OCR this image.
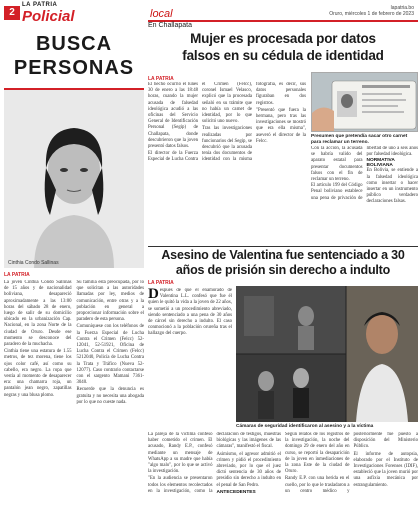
2
LA PATRIA
Policial	local	lapatria.bo
Oruro, miércoles 1 de febrero de 2023
BUSCA
PERSONAS
Cinthia Condo Sallinas
LA PATRIA

La joven Cinthia Condo Sallinas de 15 años y de nacionalidad boliviana, desapareció aproximadamente a las 13:00 horas del sábado 28 de enero, luego de salir de su domicilio ubicado en la urbanización Cap. Nacional, en la zona Norte de la ciudad de Oruro. Desde ese momento se desconoce del paradero de la muchacha.

Cinthia tiene una estatura de 1.55 metros, de tez morena, tiene los ojos color café, así como su cabello, era negro. La ropa que vestía al momento de desaparecer era: una chamarra roja, un pantalón jean negro, zapatillas negras y una blusa plomo.

Su familia está preocupada, por lo que solicitan a las autoridades llamadas por ley, medios de comunicación, entre otras y a la población en general a proporcionar información sobre el paradero de esta persona.

Comuníquese con los teléfonos de la Fuerza Especial de Lucha Contra el Crimen (Felcc) 52-12041, 52-51921, Oficina de Lucha Contra el Crimen (Felcc) 5212040, Policía de Lucha Contra la Trata y Tráfico (Nueva 52-12077). Caso contrario contactarse con el sargento Mamani 7361-3040.

Recuerde que la denuncia es gratuita y no necesita una abogada por lo que no cueste nada.

En Challapata
Mujer es procesada por datos
falsos en su cédula de identidad
LA PATRIA

El hecho ocurrió el lunes 30 de enero a las 18:48 horas, cuando la mujer acusada de falsedad ideológica acudió a las oficinas del Servicio General de Identificación Personal (Segip) de Challapata, donde descubrieron que la joven presentó datos falsos.

El director de la Fuerza Especial de Lucha Contra el Crimen (Felcc), coronel Ismael Velasco, explicó que la procesada señaló en su trámite que no había un carnet de identidad, por lo que solicitó uno nuevo.

Tras las investigaciones realizadas por funcionarios del Segip, se descubrió que la acusada tenía dos documentos de identidad con la misma fotografía, es decir, sus datos personales figuraban en dos registros.

"Presentó que fuera la hermana, pero tras las investigaciones se mostró que era ella misma", aseveró el director de la Felcc.

Presumen que pretendía sacar otro carnet para reclamar un terreno.

Con la acción, la acusada se habría valido del aparato estatal para presentar documentos falsos con el fin de reclamar un terreno.

El artículo 199 del Código Penal boliviano establece una pena de privación de libertad de uno a seis años por falsedad ideológica.

NORMATIVA BOLIVIANA

En Bolivia, se entiende a la falsedad ideológica como insertar o hacer insertar en un instrumento público verdadero declaraciones falsas.

Asesino de Valentina fue sentenciado a 30
años de prisión sin derecho a indulto
LA PATRIA
Después de que el enamorado de Valentina L.L. confesó que fue él quien le quitó la vida a la joven de 22 años, se sometió a un procedimiento abreviado, siendo sentenciado a una pena de 30 años de cárcel sin derecho a indulto. El caso conmocionó a la población orureña tras el hallazgo del cuerpo.
Cámaras de seguridad identificaron al asesino y a la víctima

La pareja de la víctima confesó haber cometido el crimen. El acusado, Randy E.P., confesó mediante un mensaje de WhatsApp a su madre que había "algo malo", por lo que se activó la investigación.

"En la audiencia se presentaron todos los elementos recolectados en la investigación, como la declaración de testigos, muestras biológicas y las imágenes de las cámaras", manifestó el fiscal.

Asimismo, el agresor admitió el crimen y pidió el procedimiento abreviado, por lo que el juez dictó sentencia de 30 años de presidio sin derecho a indulto en el penal de San Pedro.

ANTECEDENTES

Según relatos de los registros de la investigación, la noche del domingo 29 de enero del año en curso, se reportó la desaparición de la joven en inmediaciones de la zona Este de la ciudad de Oruro.

Randy E.P. con una herida en el cuello, por lo que le trasladaron a un centro médico y posteriormente fue puesto a disposición del Ministerio Público.

El informe de autopsia, elaborado por el Instituto de Investigaciones Forenses (IDIF), estableció que la joven murió por una asfixia mecánica por estrangulamiento.
